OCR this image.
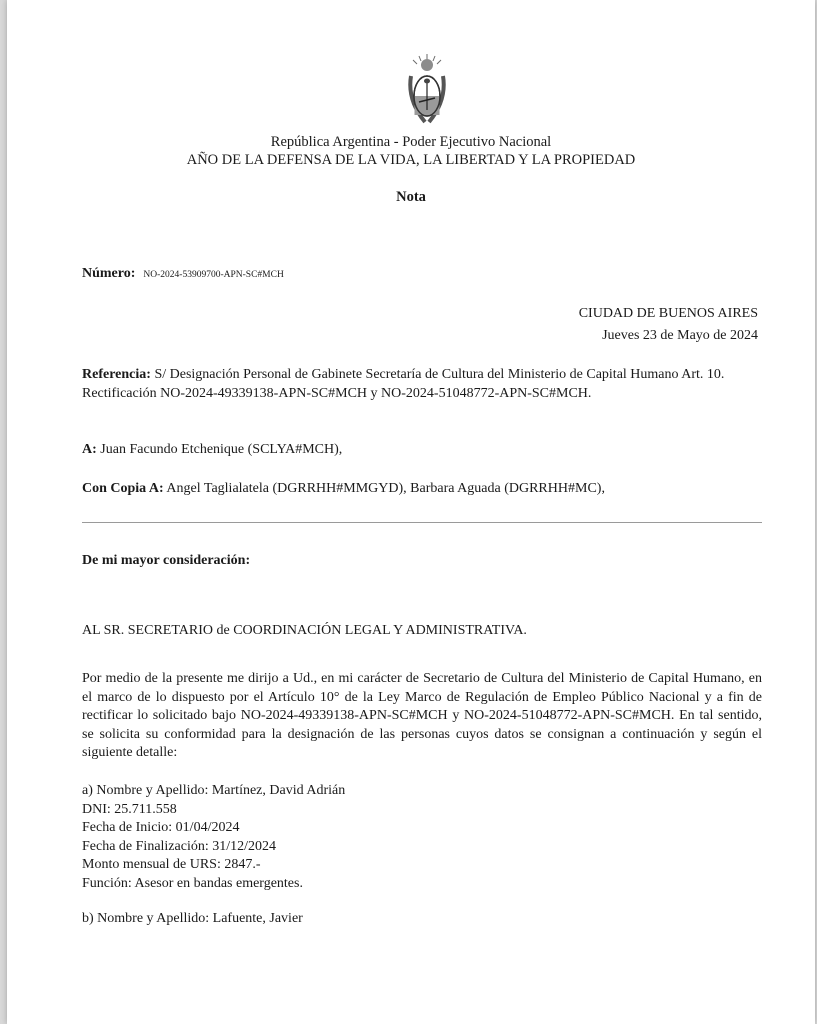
República Argentina - Poder Ejecutivo Nacional
AÑO DE LA DEFENSA DE LA VIDA, LA LIBERTAD Y LA PROPIEDAD
Nota
Número: NO-2024-53909700-APN-SC#MCH
CIUDAD DE BUENOS AIRES
Jueves 23 de Mayo de 2024
Referencia: S/ Designación Personal de Gabinete Secretaría de Cultura del Ministerio de Capital Humano Art. 10. Rectificación NO-2024-49339138-APN-SC#MCH y NO-2024-51048772-APN-SC#MCH.
A: Juan Facundo Etchenique (SCLYA#MCH),
Con Copia A: Angel Taglialatela (DGRRHH#MMGYD), Barbara Aguada (DGRRHH#MC),
De mi mayor consideración:
AL SR. SECRETARIO de COORDINACIÓN LEGAL Y ADMINISTRATIVA.
Por medio de la presente me dirijo a Ud., en mi carácter de Secretario de Cultura del Ministerio de Capital Humano, en el marco de lo dispuesto por el Artículo 10° de la Ley Marco de Regulación de Empleo Público Nacional y a fin de rectificar lo solicitado bajo NO-2024-49339138-APN-SC#MCH y NO-2024-51048772-APN-SC#MCH. En tal sentido, se solicita su conformidad para la designación de las personas cuyos datos se consignan a continuación y según el siguiente detalle:
a) Nombre y Apellido: Martínez, David Adrián
DNI: 25.711.558
Fecha de Inicio: 01/04/2024
Fecha de Finalización: 31/12/2024
Monto mensual de URS: 2847.-
Función: Asesor en bandas emergentes.
b) Nombre y Apellido: Lafuente, Javier
